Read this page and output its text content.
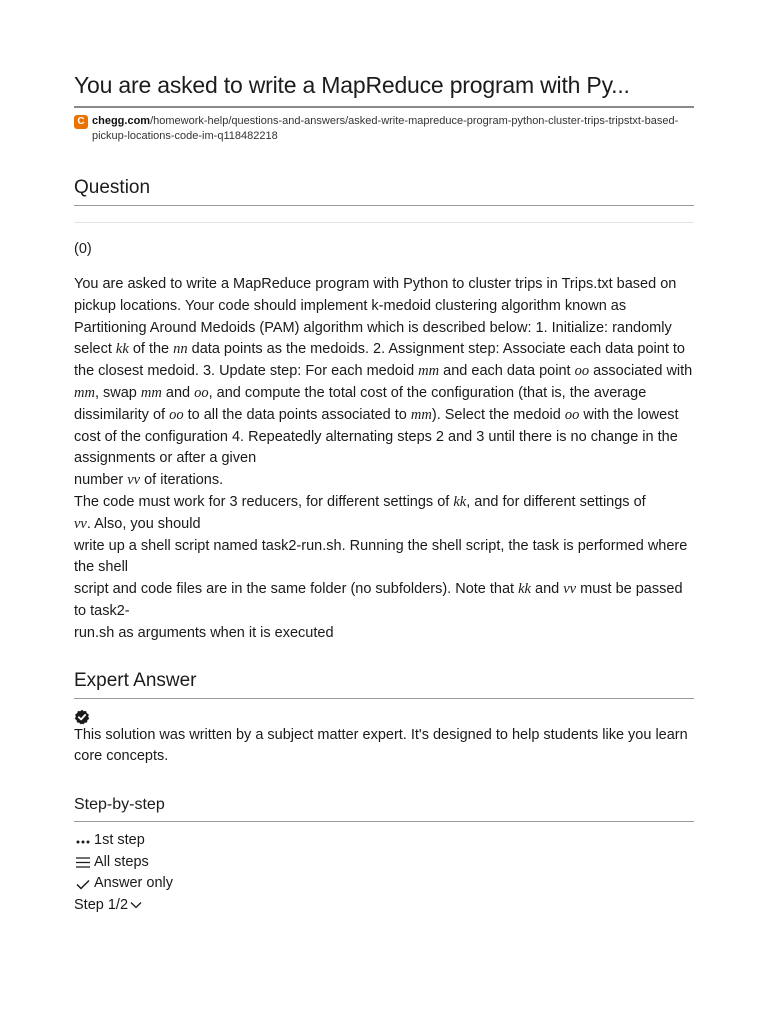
You are asked to write a MapReduce program with Py...
C chegg.com/homework-help/questions-and-answers/asked-write-mapreduce-program-python-cluster-trips-tripstxt-based-pickup-locations-code-im-q118482218
Question
(0)
You are asked to write a MapReduce program with Python to cluster trips in Trips.txt based on pickup locations. Your code should implement k-medoid clustering algorithm known as Partitioning Around Medoids (PAM) algorithm which is described below: 1. Initialize: randomly select kk of the nn data points as the medoids. 2. Assignment step: Associate each data point to the closest medoid. 3. Update step: For each medoid mm and each data point oo associated with mm, swap mm and oo, and compute the total cost of the configuration (that is, the average dissimilarity of oo to all the data points associated to mm). Select the medoid oo with the lowest cost of the configuration 4. Repeatedly alternating steps 2 and 3 until there is no change in the assignments or after a given
number vv of iterations.
The code must work for 3 reducers, for different settings of kk, and for different settings of
vv. Also, you should
write up a shell script named task2-run.sh. Running the shell script, the task is performed where the shell
script and code files are in the same folder (no subfolders). Note that kk and vv must be passed to task2-
run.sh as arguments when it is executed
Expert Answer
This solution was written by a subject matter expert. It's designed to help students like you learn core concepts.
Step-by-step
1st step
All steps
Answer only
Step 1/2
